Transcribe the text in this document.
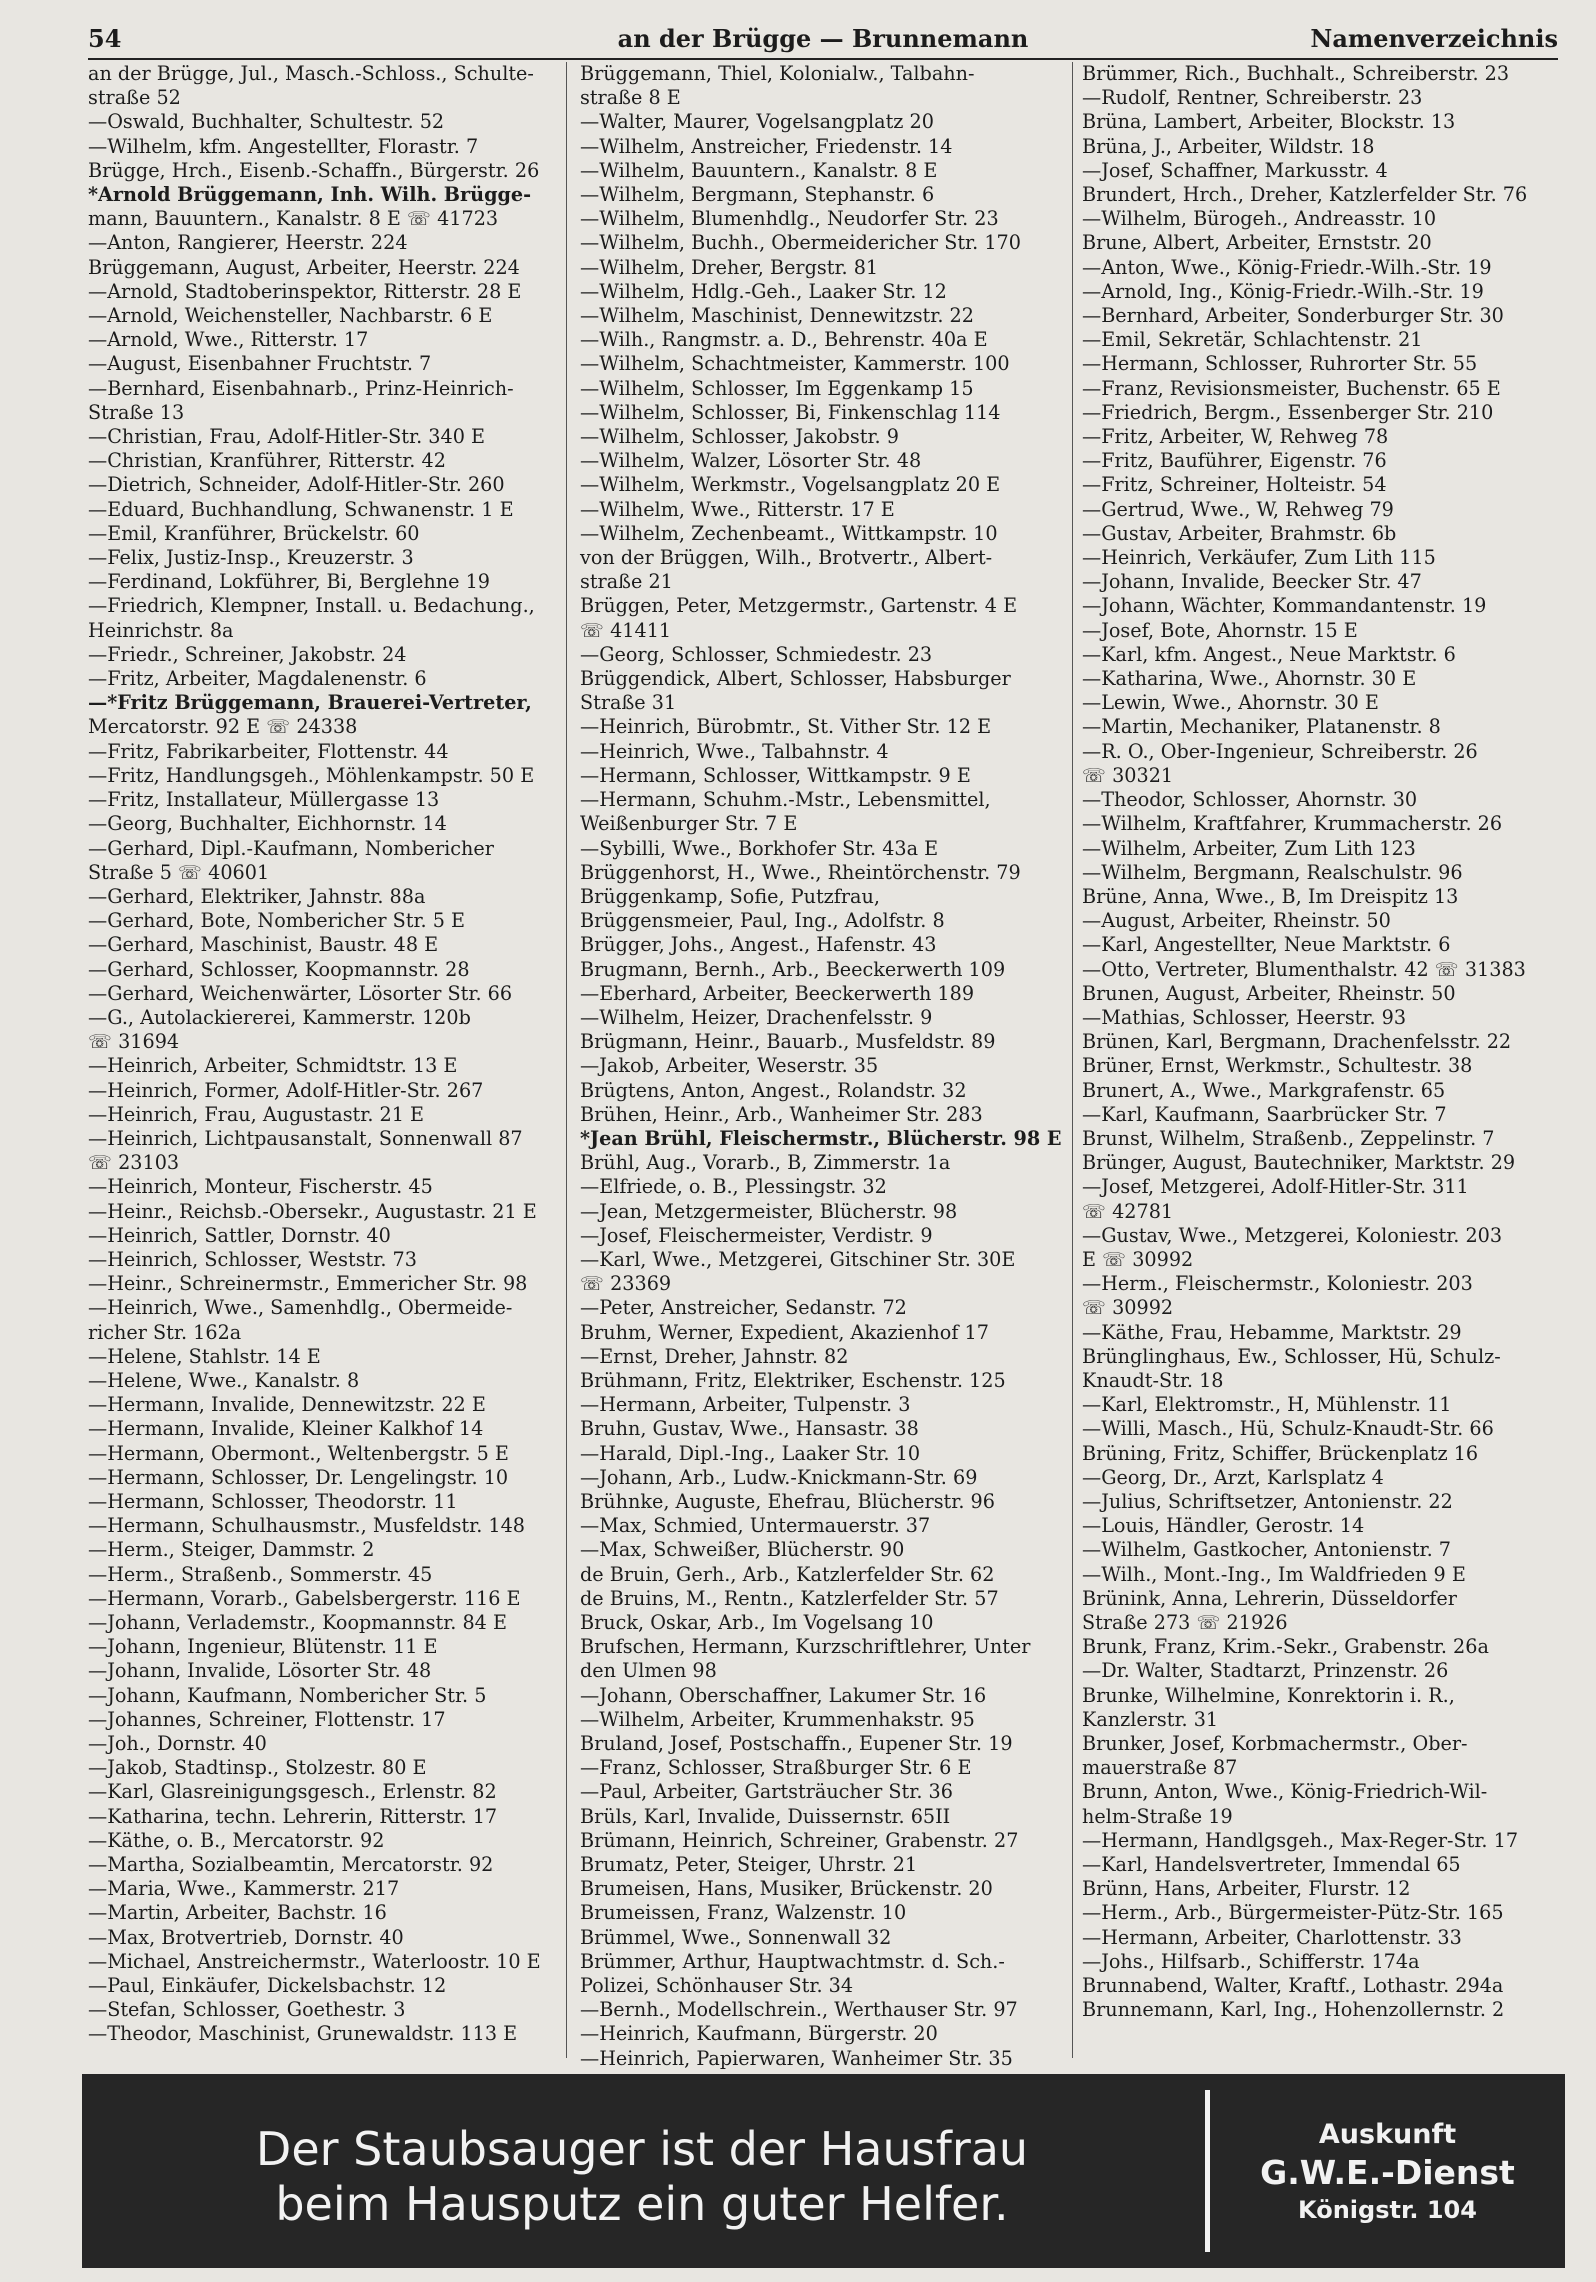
54	an der Brügge — Brunnemann	Namenverzeichnis
an der Brügge, Jul., Masch.-Schloss., Schulte-
straße 52
—Oswald, Buchhalter, Schultestr. 52
—Wilhelm, kfm. Angestellter, Florastr. 7
Brügge, Hrch., Eisenb.-Schaffn., Bürgerstr. 26
*Arnold Brüggemann, Inh. Wilh. Brügge-
mann, Bauuntern., Kanalstr. 8 E ☏ 41723
—Anton, Rangierer, Heerstr. 224
Brüggemann, August, Arbeiter, Heerstr. 224
—Arnold, Stadtoberinspektor, Ritterstr. 28 E
—Arnold, Weichensteller, Nachbarstr. 6 E
—Arnold, Wwe., Ritterstr. 17
—August, Eisenbahner Fruchtstr. 7
—Bernhard, Eisenbahnarb., Prinz-Heinrich-
Straße 13
—Christian, Frau, Adolf-Hitler-Str. 340 E
—Christian, Kranführer, Ritterstr. 42
—Dietrich, Schneider, Adolf-Hitler-Str. 260
—Eduard, Buchhandlung, Schwanenstr. 1 E
—Emil, Kranführer, Brückelstr. 60
—Felix, Justiz-Insp., Kreuzerstr. 3
—Ferdinand, Lokführer, Bi, Berglehne 19
—Friedrich, Klempner, Install. u. Bedachung.,
Heinrichstr. 8a
—Friedr., Schreiner, Jakobstr. 24
—Fritz, Arbeiter, Magdalenenstr. 6
—*Fritz Brüggemann, Brauerei-Vertreter,
Mercatorstr. 92 E ☏ 24338
—Fritz, Fabrikarbeiter, Flottenstr. 44
—Fritz, Handlungsgeh., Möhlenkampstr. 50 E
—Fritz, Installateur, Müllergasse 13
—Georg, Buchhalter, Eichhornstr. 14
—Gerhard, Dipl.-Kaufmann, Nombericher
Straße 5 ☏ 40601
—Gerhard, Elektriker, Jahnstr. 88a
—Gerhard, Bote, Nombericher Str. 5 E
—Gerhard, Maschinist, Baustr. 48 E
—Gerhard, Schlosser, Koopmannstr. 28
—Gerhard, Weichenwärter, Lösorter Str. 66
—G., Autolackiererei, Kammerstr. 120b
☏ 31694
—Heinrich, Arbeiter, Schmidtstr. 13 E
—Heinrich, Former, Adolf-Hitler-Str. 267
—Heinrich, Frau, Augustastr. 21 E
—Heinrich, Lichtpausanstalt, Sonnenwall 87
☏ 23103
—Heinrich, Monteur, Fischerstr. 45
—Heinr., Reichsb.-Obersekr., Augustastr. 21 E
—Heinrich, Sattler, Dornstr. 40
—Heinrich, Schlosser, Weststr. 73
—Heinr., Schreinermstr., Emmericher Str. 98
—Heinrich, Wwe., Samenhdlg., Obermeide-
richer Str. 162a
—Helene, Stahlstr. 14 E
—Helene, Wwe., Kanalstr. 8
—Hermann, Invalide, Dennewitzstr. 22 E
—Hermann, Invalide, Kleiner Kalkhof 14
—Hermann, Obermont., Weltenbergstr. 5 E
—Hermann, Schlosser, Dr. Lengelingstr. 10
—Hermann, Schlosser, Theodorstr. 11
—Hermann, Schulhausmstr., Musfeldstr. 148
—Herm., Steiger, Dammstr. 2
—Herm., Straßenb., Sommerstr. 45
—Hermann, Vorarb., Gabelsbergerstr. 116 E
—Johann, Verlademstr., Koopmannstr. 84 E
—Johann, Ingenieur, Blütenstr. 11 E
—Johann, Invalide, Lösorter Str. 48
—Johann, Kaufmann, Nombericher Str. 5
—Johannes, Schreiner, Flottenstr. 17
—Joh., Dornstr. 40
—Jakob, Stadtinsp., Stolzestr. 80 E
—Karl, Glasreinigungsgesch., Erlenstr. 82
—Katharina, techn. Lehrerin, Ritterstr. 17
—Käthe, o. B., Mercatorstr. 92
—Martha, Sozialbeamtin, Mercatorstr. 92
—Maria, Wwe., Kammerstr. 217
—Martin, Arbeiter, Bachstr. 16
—Max, Brotvertrieb, Dornstr. 40
—Michael, Anstreichermstr., Waterloostr. 10 E
—Paul, Einkäufer, Dickelsbachstr. 12
—Stefan, Schlosser, Goethestr. 3
—Theodor, Maschinist, Grunewaldstr. 113 E
Brüggemann, Thiel, Kolonialw., Talbahn-
straße 8 E
—Walter, Maurer, Vogelsangplatz 20
—Wilhelm, Anstreicher, Friedenstr. 14
—Wilhelm, Bauuntern., Kanalstr. 8 E
—Wilhelm, Bergmann, Stephanstr. 6
—Wilhelm, Blumenhdlg., Neudorfer Str. 23
—Wilhelm, Buchh., Obermeidericher Str. 170
—Wilhelm, Dreher, Bergstr. 81
—Wilhelm, Hdlg.-Geh., Laaker Str. 12
—Wilhelm, Maschinist, Dennewitzstr. 22
—Wilh., Rangmstr. a. D., Behrenstr. 40a E
—Wilhelm, Schachtmeister, Kammerstr. 100
—Wilhelm, Schlosser, Im Eggenkamp 15
—Wilhelm, Schlosser, Bi, Finkenschlag 114
—Wilhelm, Schlosser, Jakobstr. 9
—Wilhelm, Walzer, Lösorter Str. 48
—Wilhelm, Werkmstr., Vogelsangplatz 20 E
—Wilhelm, Wwe., Ritterstr. 17 E
—Wilhelm, Zechenbeamt., Wittkampstr. 10
von der Brüggen, Wilh., Brotvertr., Albert-
straße 21
Brüggen, Peter, Metzgermstr., Gartenstr. 4 E
☏ 41411
—Georg, Schlosser, Schmiedestr. 23
Brüggendick, Albert, Schlosser, Habsburger
Straße 31
—Heinrich, Bürobmtr., St. Vither Str. 12 E
—Heinrich, Wwe., Talbahnstr. 4
—Hermann, Schlosser, Wittkampstr. 9 E
—Hermann, Schuhm.-Mstr., Lebensmittel,
Weißenburger Str. 7 E
—Sybilli, Wwe., Borkhofer Str. 43a E
Brüggenhorst, H., Wwe., Rheintörchenstr. 79
Brüggenkamp, Sofie, Putzfrau,
Brüggensmeier, Paul, Ing., Adolfstr. 8
Brügger, Johs., Angest., Hafenstr. 43
Brugmann, Bernh., Arb., Beeckerwerth 109
—Eberhard, Arbeiter, Beeckerwerth 189
—Wilhelm, Heizer, Drachenfelsstr. 9
Brügmann, Heinr., Bauarb., Musfeldstr. 89
—Jakob, Arbeiter, Weserstr. 35
Brügtens, Anton, Angest., Rolandstr. 32
Brühen, Heinr., Arb., Wanheimer Str. 283
*Jean Brühl, Fleischermstr., Blücherstr. 98 E
Brühl, Aug., Vorarb., B, Zimmerstr. 1a
—Elfriede, o. B., Plessingstr. 32
—Jean, Metzgermeister, Blücherstr. 98
—Josef, Fleischermeister, Verdistr. 9
—Karl, Wwe., Metzgerei, Gitschiner Str. 30E
☏ 23369
—Peter, Anstreicher, Sedanstr. 72
Bruhm, Werner, Expedient, Akazienhof 17
—Ernst, Dreher, Jahnstr. 82
Brühmann, Fritz, Elektriker, Eschenstr. 125
—Hermann, Arbeiter, Tulpenstr. 3
Bruhn, Gustav, Wwe., Hansastr. 38
—Harald, Dipl.-Ing., Laaker Str. 10
—Johann, Arb., Ludw.-Knickmann-Str. 69
Brühnke, Auguste, Ehefrau, Blücherstr. 96
—Max, Schmied, Untermauerstr. 37
—Max, Schweißer, Blücherstr. 90
de Bruin, Gerh., Arb., Katzlerfelder Str. 62
de Bruins, M., Rentn., Katzlerfelder Str. 57
Bruck, Oskar, Arb., Im Vogelsang 10
Brufschen, Hermann, Kurzschriftlehrer, Unter
den Ulmen 98
—Johann, Oberschaffner, Lakumer Str. 16
—Wilhelm, Arbeiter, Krummenhakstr. 95
Bruland, Josef, Postschaffn., Eupener Str. 19
—Franz, Schlosser, Straßburger Str. 6 E
—Paul, Arbeiter, Gartsträucher Str. 36
Brüls, Karl, Invalide, Duissernstr. 65II
Brümann, Heinrich, Schreiner, Grabenstr. 27
Brumatz, Peter, Steiger, Uhrstr. 21
Brumeisen, Hans, Musiker, Brückenstr. 20
Brumeissen, Franz, Walzenstr. 10
Brümmel, Wwe., Sonnenwall 32
Brümmer, Arthur, Hauptwachtmstr. d. Sch.-
Polizei, Schönhauser Str. 34
—Bernh., Modellschrein., Werthauser Str. 97
—Heinrich, Kaufmann, Bürgerstr. 20
—Heinrich, Papierwaren, Wanheimer Str. 35
Brümmer, Rich., Buchhalt., Schreiberstr. 23
—Rudolf, Rentner, Schreiberstr. 23
Brüna, Lambert, Arbeiter, Blockstr. 13
Brüna, J., Arbeiter, Wildstr. 18
—Josef, Schaffner, Markusstr. 4
Brundert, Hrch., Dreher, Katzlerfelder Str. 76
—Wilhelm, Bürogeh., Andreasstr. 10
Brune, Albert, Arbeiter, Ernststr. 20
—Anton, Wwe., König-Friedr.-Wilh.-Str. 19
—Arnold, Ing., König-Friedr.-Wilh.-Str. 19
—Bernhard, Arbeiter, Sonderburger Str. 30
—Emil, Sekretär, Schlachtenstr. 21
—Hermann, Schlosser, Ruhrorter Str. 55
—Franz, Revisionsmeister, Buchenstr. 65 E
—Friedrich, Bergm., Essenberger Str. 210
—Fritz, Arbeiter, W, Rehweg 78
—Fritz, Bauführer, Eigenstr. 76
—Fritz, Schreiner, Holteistr. 54
—Gertrud, Wwe., W, Rehweg 79
—Gustav, Arbeiter, Brahmstr. 6b
—Heinrich, Verkäufer, Zum Lith 115
—Johann, Invalide, Beecker Str. 47
—Johann, Wächter, Kommandantenstr. 19
—Josef, Bote, Ahornstr. 15 E
—Karl, kfm. Angest., Neue Marktstr. 6
—Katharina, Wwe., Ahornstr. 30 E
—Lewin, Wwe., Ahornstr. 30 E
—Martin, Mechaniker, Platanenstr. 8
—R. O., Ober-Ingenieur, Schreiberstr. 26
☏ 30321
—Theodor, Schlosser, Ahornstr. 30
—Wilhelm, Kraftfahrer, Krummacherstr. 26
—Wilhelm, Arbeiter, Zum Lith 123
—Wilhelm, Bergmann, Realschulstr. 96
Brüne, Anna, Wwe., B, Im Dreispitz 13
—August, Arbeiter, Rheinstr. 50
—Karl, Angestellter, Neue Marktstr. 6
—Otto, Vertreter, Blumenthalstr. 42 ☏ 31383
Brunen, August, Arbeiter, Rheinstr. 50
—Mathias, Schlosser, Heerstr. 93
Brünen, Karl, Bergmann, Drachenfelsstr. 22
Brüner, Ernst, Werkmstr., Schultestr. 38
Brunert, A., Wwe., Markgrafenstr. 65
—Karl, Kaufmann, Saarbrücker Str. 7
Brunst, Wilhelm, Straßenb., Zeppelinstr. 7
Brünger, August, Bautechniker, Marktstr. 29
—Josef, Metzgerei, Adolf-Hitler-Str. 311
☏ 42781
—Gustav, Wwe., Metzgerei, Koloniestr. 203
E ☏ 30992
—Herm., Fleischermstr., Koloniestr. 203
☏ 30992
—Käthe, Frau, Hebamme, Marktstr. 29
Brünglinghaus, Ew., Schlosser, Hü, Schulz-
Knaudt-Str. 18
—Karl, Elektromstr., H, Mühlenstr. 11
—Willi, Masch., Hü, Schulz-Knaudt-Str. 66
Brüning, Fritz, Schiffer, Brückenplatz 16
—Georg, Dr., Arzt, Karlsplatz 4
—Julius, Schriftsetzer, Antonienstr. 22
—Louis, Händler, Gerostr. 14
—Wilhelm, Gastkocher, Antonienstr. 7
—Wilh., Mont.-Ing., Im Waldfrieden 9 E
Brünink, Anna, Lehrerin, Düsseldorfer
Straße 273 ☏ 21926
Brunk, Franz, Krim.-Sekr., Grabenstr. 26a
—Dr. Walter, Stadtarzt, Prinzenstr. 26
Brunke, Wilhelmine, Konrektorin i. R.,
Kanzlerstr. 31
Brunker, Josef, Korbmachermstr., Ober-
mauerstraße 87
Brunn, Anton, Wwe., König-Friedrich-Wil-
helm-Straße 19
—Hermann, Handlgsgeh., Max-Reger-Str. 17
—Karl, Handelsvertreter, Immendal 65
Brünn, Hans, Arbeiter, Flurstr. 12
—Herm., Arb., Bürgermeister-Pütz-Str. 165
—Hermann, Arbeiter, Charlottenstr. 33
—Johs., Hilfsarb., Schifferstr. 174a
Brunnabend, Walter, Kraftf., Lothastr. 294a
Brunnemann, Karl, Ing., Hohenzollernstr. 2
Der Staubsauger ist der Hausfrau
beim Hausputz ein guter Helfer.
Auskunft
G.W.E.-Dienst
Königstr. 104
